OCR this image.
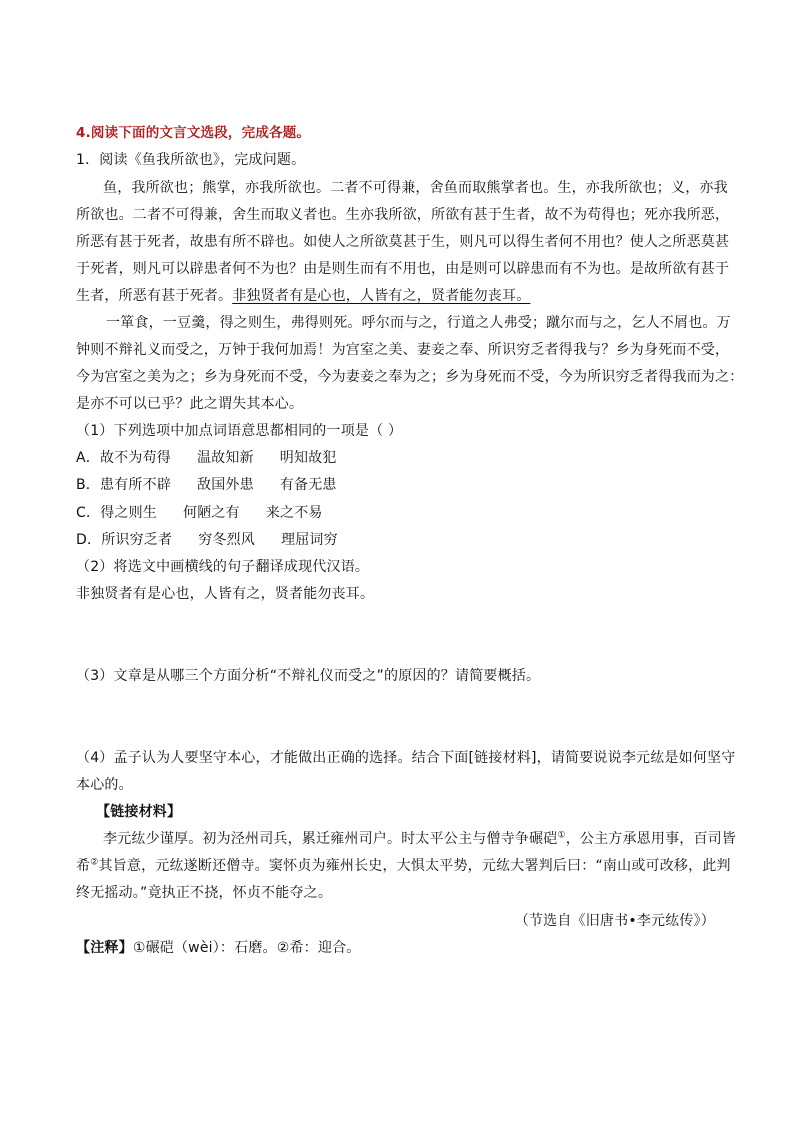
4.阅读下面的文言文选段，完成各题。
1．阅读《鱼我所欲也》，完成问题。
鱼，我所欲也；熊掌，亦我所欲也。二者不可得兼，舍鱼而取熊掌者也。生，亦我所欲也；义，亦我
所欲也。二者不可得兼，舍生而取义者也。生亦我所欲，所欲有甚于生者，故不为苟得也；死亦我所恶，
所恶有甚于死者，故患有所不辟也。如使人之所欲莫甚于生，则凡可以得生者何不用也？使人之所恶莫甚
于死者，则凡可以辟患者何不为也？由是则生而有不用也，由是则可以辟患而有不为也。是故所欲有甚于
生者，所恶有甚于死者。非独贤者有是心也，人皆有之，贤者能勿丧耳。
一箪食，一豆羹，得之则生，弗得则死。呼尔而与之，行道之人弗受；蹴尔而与之，乞人不屑也。万
钟则不辩礼义而受之，万钟于我何加焉！为宫室之美、妻妾之奉、所识穷乏者得我与？乡为身死而不受，
今为宫室之美为之；乡为身死而不受，今为妻妾之奉为之；乡为身死而不受，今为所识穷乏者得我而为之：
是亦不可以已乎？此之谓失其本心。
（1）下列选项中加点词语意思都相同的一项是（ ）
A．故不为苟得 温故知新 明知故犯
B．患有所不辟 敌国外患 有备无患
C．得之则生 何陋之有 来之不易
D．所识穷乏者 穷冬烈风 理屈词穷
（2）将选文中画横线的句子翻译成现代汉语。
非独贤者有是心也，人皆有之，贤者能勿丧耳。
（3）文章是从哪三个方面分析“不辩礼仪而受之”的原因的？请简要概括。
（4）孟子认为人要坚守本心，才能做出正确的选择。结合下面[链接材料]，请简要说说李元纮是如何坚守
本心的。
【链接材料】
李元纮少谨厚。初为泾州司兵，累迁雍州司户。时太平公主与僧寺争碾硙①，公主方承恩用事，百司皆
希②其旨意，元纮遂断还僧寺。窦怀贞为雍州长史，大惧太平势，元纮大署判后曰：“南山或可改移，此判
终无摇动。”竟执正不挠，怀贞不能夺之。
（节选自《旧唐书•李元纮传》）
【注释】①碾硙（wèi）：石磨。②希：迎合。
